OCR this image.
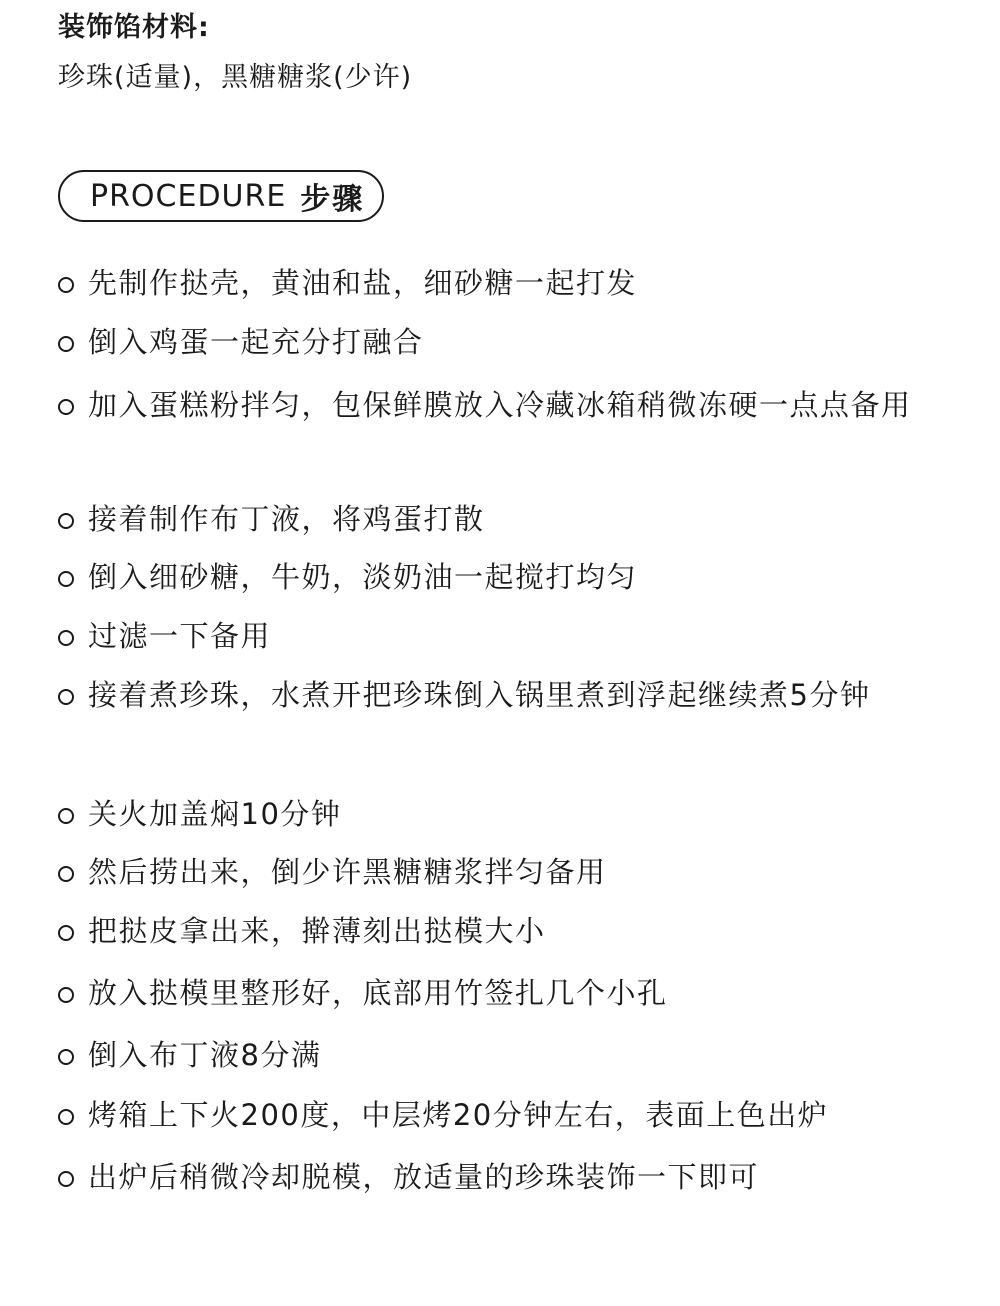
装饰馅材料:

珍珠(适量)，黑糖糖浆(少许)

PROCEDURE 步骤
先制作挞壳，黄油和盐，细砂糖一起打发
倒入鸡蛋一起充分打融合
加入蛋糕粉拌匀，包保鲜膜放入冷藏冰箱稍微冻硬一点点备用
接着制作布丁液，将鸡蛋打散
倒入细砂糖，牛奶，淡奶油一起搅打均匀
过滤一下备用
接着煮珍珠，水煮开把珍珠倒入锅里煮到浮起继续煮5分钟
关火加盖焖10分钟
然后捞出来，倒少许黑糖糖浆拌匀备用
把挞皮拿出来，擀薄刻出挞模大小
放入挞模里整形好，底部用竹签扎几个小孔
倒入布丁液8分满
烤箱上下火200度，中层烤20分钟左右，表面上色出炉
出炉后稍微冷却脱模，放适量的珍珠装饰一下即可
